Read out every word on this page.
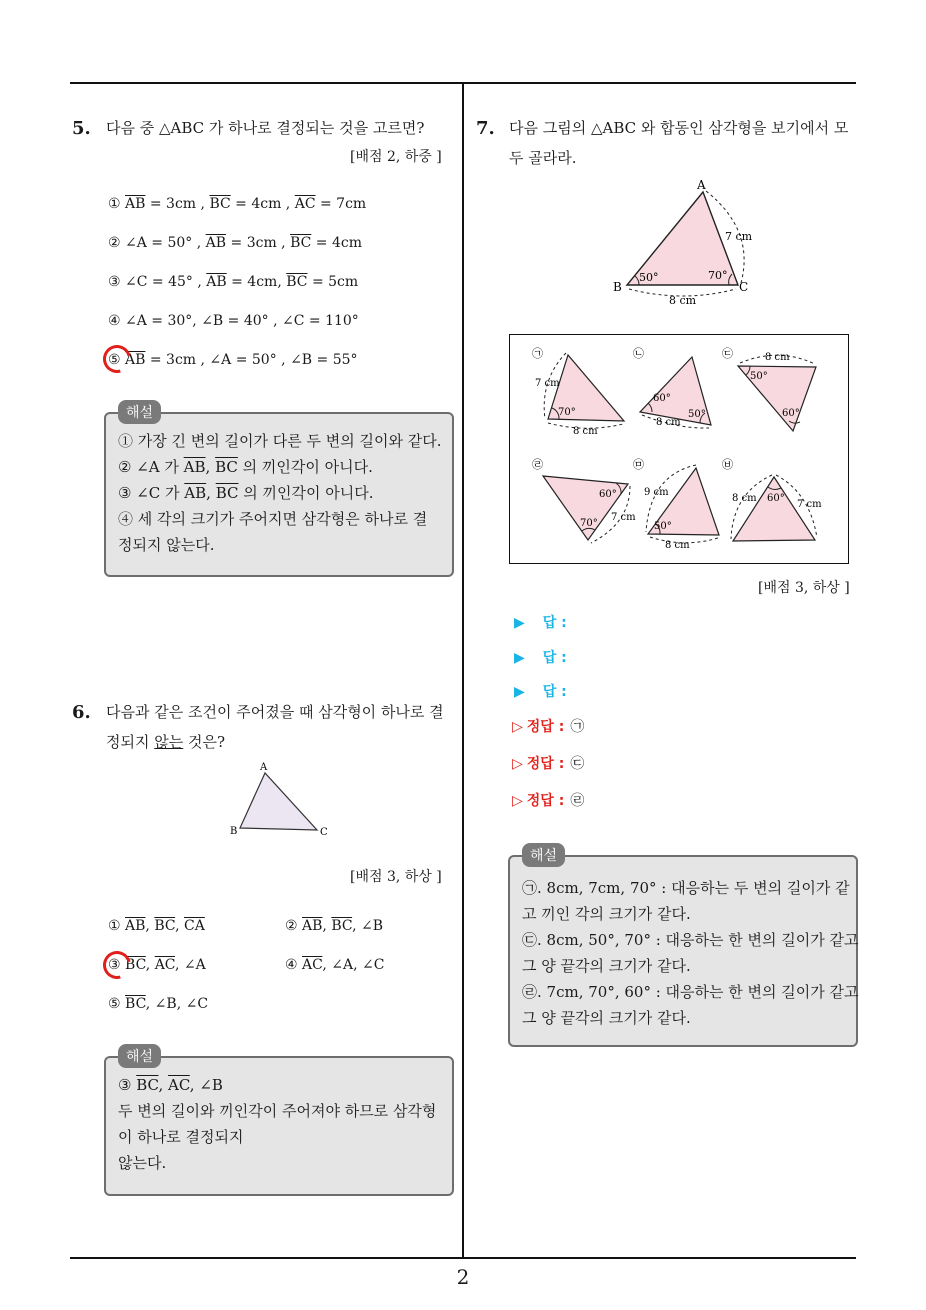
2
5. 다음 중 △ABC 가 하나로 결정되는 것을 고르면?
[배점 2, 하중 ]
① $\overline{AB} = 3cm$ , $\overline{BC} = 4cm$ , $\overline{AC} = 7cm$
② ∠A = 50° , $\overline{AB} = 3cm$ , $\overline{BC} = 4cm$
③ ∠C = 45° , $\overline{AB} = 4cm$, $\overline{BC} = 5cm$
④ ∠A = 30°, ∠B = 40° , ∠C = 110°
⑤ $\overline{AB} = 3cm$ , ∠A = 50° , ∠B = 55°
① 가장 긴 변의 길이가 다른 두 변의 길이와 같다.
② ∠A 가 $\overline{AB}$, $\overline{BC}$ 의 끼인각이 아니다.
③ ∠C 가 $\overline{AB}$, $\overline{BC}$ 의 끼인각이 아니다.
④ 세 각의 크기가 주어지면 삼각형은 하나로 결
정되지 않는다.
해설
6. 다음과 같은 조건이 주어졌을 때 삼각형이 하나로 결
정되지 않는 것은?
A
B	C
[배점 3, 하상 ]
① $\overline{AB}$, $\overline{BC}$, $\overline{CA}$	② $\overline{AB}$, $\overline{BC}$, ∠B
③ $\overline{BC}$, $\overline{AC}$, ∠A	④ $\overline{AC}$, ∠A, ∠C
⑤ $\overline{BC}$, ∠B, ∠C
③ $\overline{BC}$, $\overline{AC}$, ∠B
두 변의 길이와 끼인각이 주어져야 하므로 삼각형
이 하나로 결정되지
않는다.
해설
7. 다음 그림의 △ABC 와 합동인 삼각형을 보기에서 모
두 골라라.
A
B	C
50°	70°
7 cm
8 cm
㉠
7 cm
70°
8 cm
㉡
60°
8 cm
50°
㉢	8 cm
50°
60°
㉣
60°
7 cm
70°
㉤
9 cm
50°
8 cm
㉥
8 cm 60°
7 cm
[배점 3, 하상 ]
▶ 답 :
▶ 답 :
▶ 답 :
▷ 정답 : ㉠
▷ 정답 : ㉢
▷ 정답 : ㉣
㉠. 8cm, 7cm, 70° : 대응하는 두 변의 길이가 같
고 끼인 각의 크기가 같다.
㉢. 8cm, 50°, 70° : 대응하는 한 변의 길이가 같고
그 양 끝각의 크기가 같다.
㉣. 7cm, 70°, 60° : 대응하는 한 변의 길이가 같고
그 양 끝각의 크기가 같다.
해설
